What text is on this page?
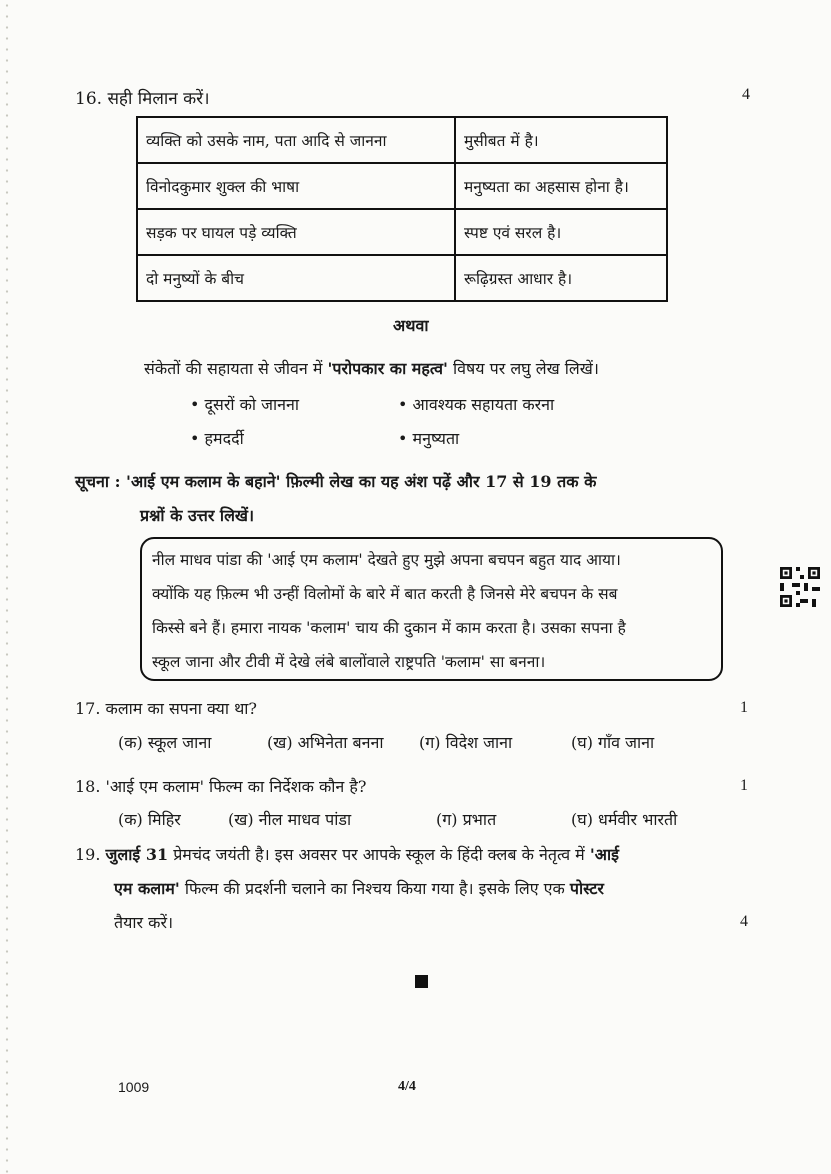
16. सही मिलान करें।	4
व्यक्ति को उसके नाम, पता आदि से जानना	मुसीबत में है।
विनोदकुमार शुक्ल की भाषा	मनुष्यता का अहसास होना है।
सड़क पर घायल पड़े व्यक्ति	स्पष्ट एवं सरल है।
दो मनुष्यों के बीच	रूढ़िग्रस्त आधार है।
अथवा
संकेतों की सहायता से जीवन में 'परोपकार का महत्व' विषय पर लघु लेख लिखें।
• दूसरों को जानना	• आवश्यक सहायता करना
• हमदर्दी	• मनुष्यता
सूचना : 'आई एम कलाम के बहाने' फ़िल्मी लेख का यह अंश पढ़ें और 17 से 19 तक के
प्रश्नों के उत्तर लिखें।
नील माधव पांडा की 'आई एम कलाम' देखते हुए मुझे अपना बचपन बहुत याद आया।
क्योंकि यह फ़िल्म भी उन्हीं विलोमों के बारे में बात करती है जिनसे मेरे बचपन के सब
किस्से बने हैं। हमारा नायक 'कलाम' चाय की दुकान में काम करता है। उसका सपना है
स्कूल जाना और टीवी में देखे लंबे बालोंवाले राष्ट्रपति 'कलाम' सा बनना।
17. कलाम का सपना क्या था?	1
(क) स्कूल जाना	(ख) अभिनेता बनना (ग) विदेश जाना	(घ) गाँव जाना
18. 'आई एम कलाम' फिल्म का निर्देशक कौन है?	1
(क) मिहिर	(ख) नील माधव पांडा	(ग) प्रभात	(घ) धर्मवीर भारती
19. जुलाई 31 प्रेमचंद जयंती है। इस अवसर पर आपके स्कूल के हिंदी क्लब के नेतृत्व में 'आई
एम कलाम' फिल्म की प्रदर्शनी चलाने का निश्चय किया गया है। इसके लिए एक पोस्टर
तैयार करें।	4
1009	4/4
